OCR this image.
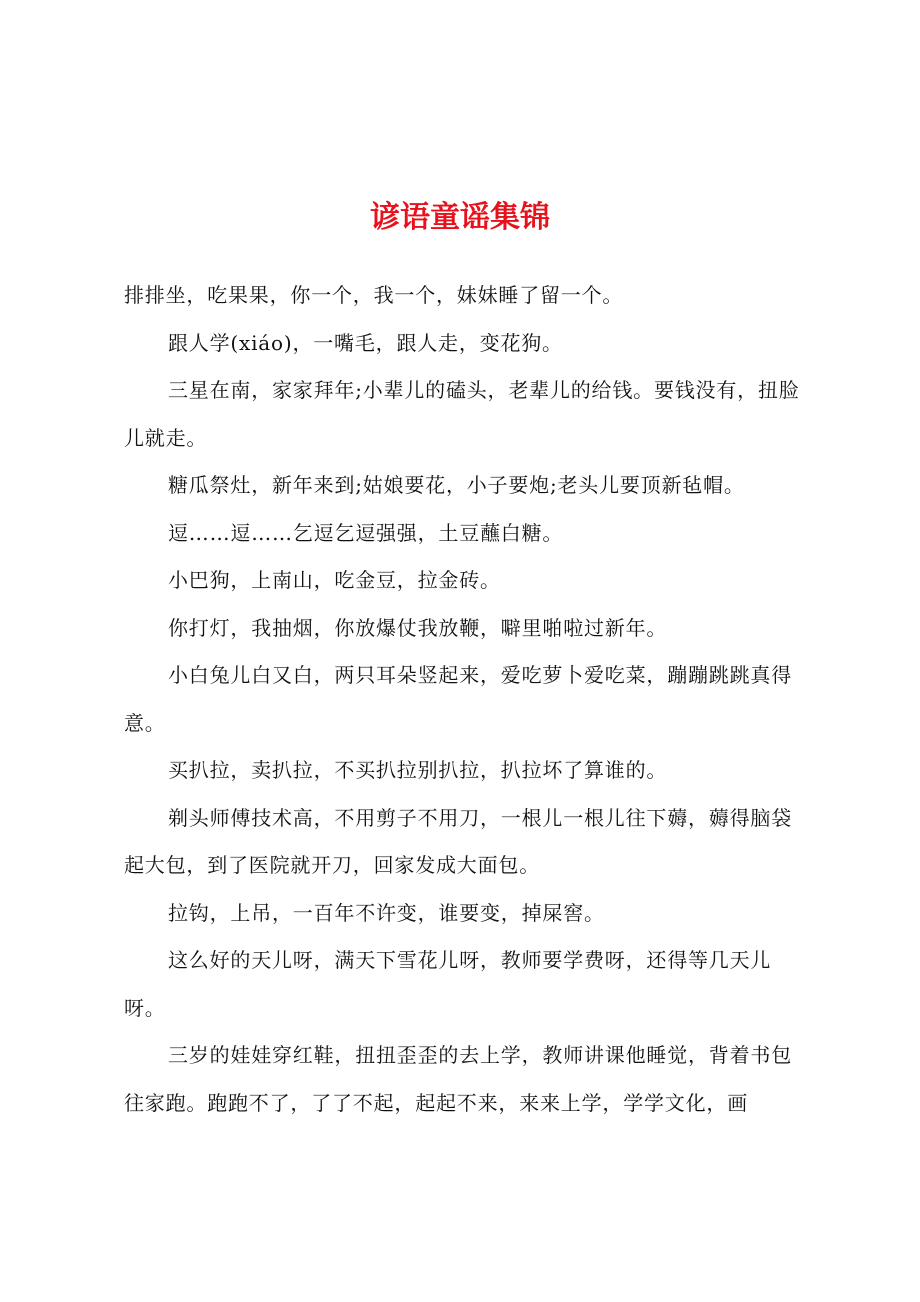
谚语童谣集锦

排排坐，吃果果，你一个，我一个，妹妹睡了留一个。

跟人学(xiáo)，一嘴毛，跟人走，变花狗。

三星在南，家家拜年;小辈儿的磕头，老辈儿的给钱。要钱没有，扭脸儿就走。

糖瓜祭灶，新年来到;姑娘要花，小子要炮;老头儿要顶新毡帽。

逗……逗……乞逗乞逗强强，土豆蘸白糖。

小巴狗，上南山，吃金豆，拉金砖。

你打灯，我抽烟，你放爆仗我放鞭，噼里啪啦过新年。

小白兔儿白又白，两只耳朵竖起来，爱吃萝卜爱吃菜，蹦蹦跳跳真得意。

买扒拉，卖扒拉，不买扒拉别扒拉，扒拉坏了算谁的。

剃头师傅技术高，不用剪子不用刀，一根儿一根儿往下薅，薅得脑袋起大包，到了医院就开刀，回家发成大面包。

拉钩，上吊，一百年不许变，谁要变，掉屎窖。

这么好的天儿呀，满天下雪花儿呀，教师要学费呀，还得等几天儿呀。

三岁的娃娃穿红鞋，扭扭歪歪的去上学，教师讲课他睡觉，背着书包往家跑。跑跑不了，了了不起，起起不来，来来上学，学学文化，画
